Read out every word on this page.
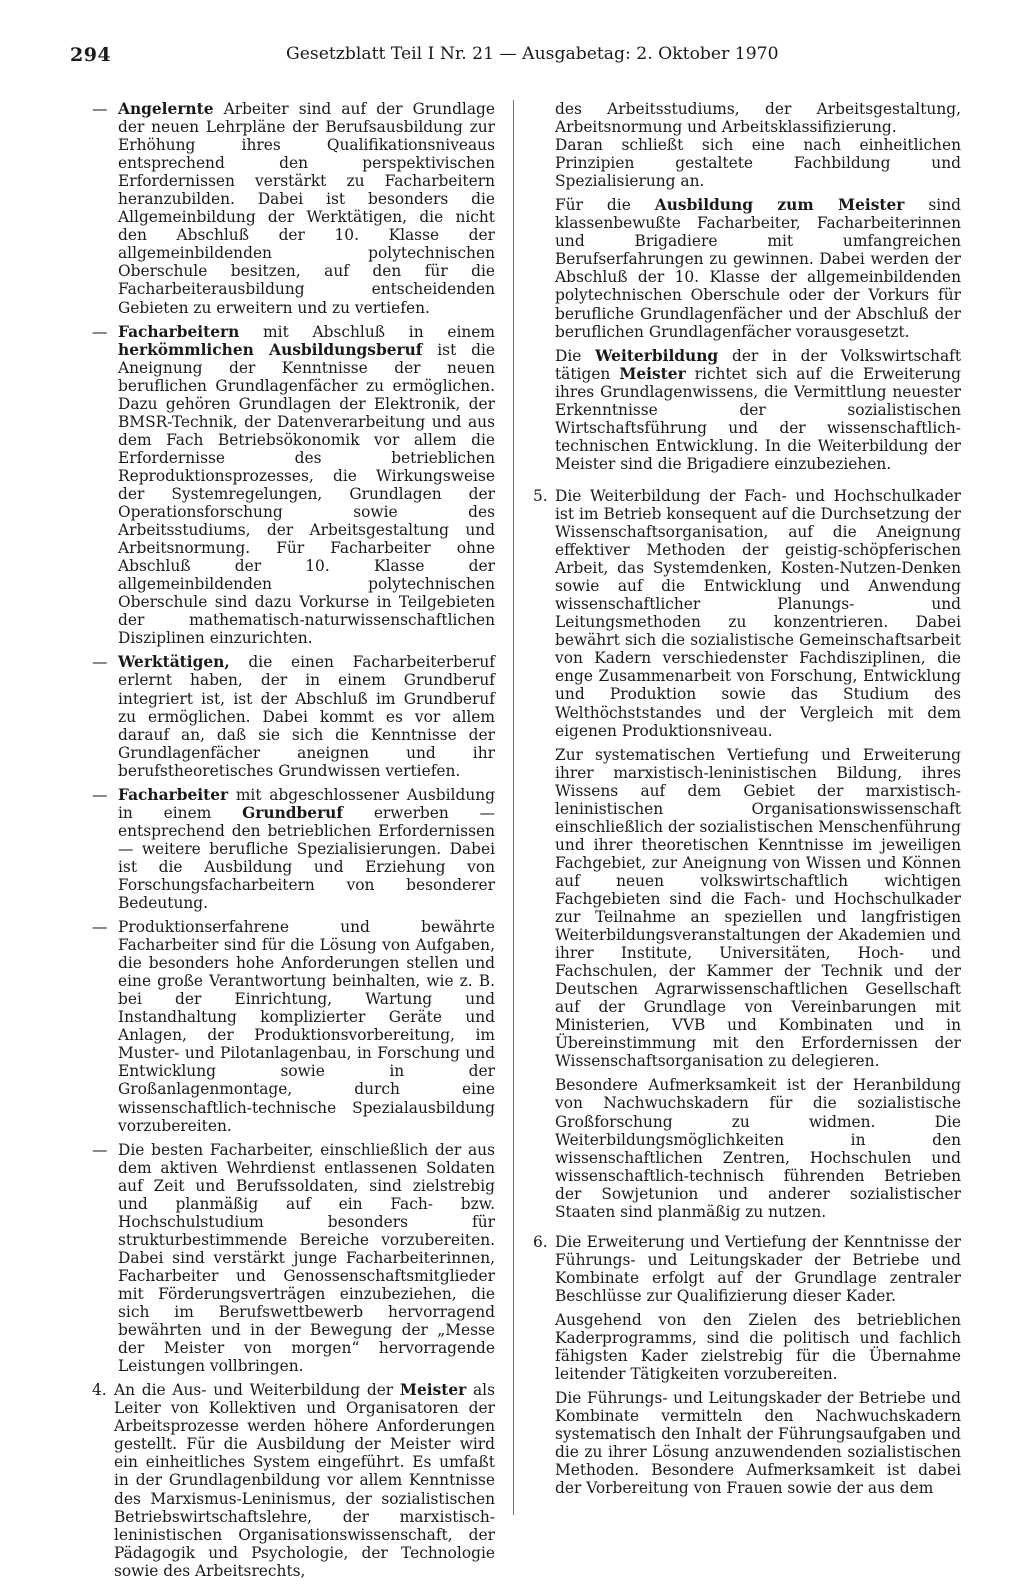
294	Gesetzblatt Teil I Nr. 21 — Ausgabetag: 2. Oktober 1970
— Angelernte Arbeiter sind auf der Grundlage der neuen Lehrpläne der Berufsausbildung zur Erhöhung ihres Qualifikationsniveaus entsprechend den perspektivischen Erfordernissen verstärkt zu Facharbeitern heranzubilden. Dabei ist besonders die Allgemeinbildung der Werktätigen, die nicht den Abschluß der 10. Klasse der allgemeinbildenden polytechnischen Oberschule besitzen, auf den für die Facharbeiterausbildung entscheidenden Gebieten zu erweitern und zu vertiefen.
— Facharbeitern mit Abschluß in einem herkömmlichen Ausbildungsberuf ist die Aneignung der Kenntnisse der neuen beruflichen Grundlagenfächer zu ermöglichen. Dazu gehören Grundlagen der Elektronik, der BMSR-Technik, der Datenverarbeitung und aus dem Fach Betriebsökonomik vor allem die Erfordernisse des betrieblichen Reproduktionsprozesses, die Wirkungsweise der Systemregelungen, Grundlagen der Operationsforschung sowie des Arbeitsstudiums, der Arbeitsgestaltung und Arbeitsnormung. Für Facharbeiter ohne Abschluß der 10. Klasse der allgemeinbildenden polytechnischen Oberschule sind dazu Vorkurse in Teilgebieten der mathematisch-naturwissenschaftlichen Disziplinen einzurichten.
— Werktätigen, die einen Facharbeiterberuf erlernt haben, der in einem Grundberuf integriert ist, ist der Abschluß im Grundberuf zu ermöglichen. Dabei kommt es vor allem darauf an, daß sie sich die Kenntnisse der Grundlagenfächer aneignen und ihr berufstheoretisches Grundwissen vertiefen.
— Facharbeiter mit abgeschlossener Ausbildung in einem Grundberuf erwerben — entsprechend den betrieblichen Erfordernissen — weitere berufliche Spezialisierungen. Dabei ist die Ausbildung und Erziehung von Forschungsfacharbeitern von besonderer Bedeutung.
— Produktionserfahrene und bewährte Facharbeiter sind für die Lösung von Aufgaben, die besonders hohe Anforderungen stellen und eine große Verantwortung beinhalten, wie z. B. bei der Einrichtung, Wartung und Instandhaltung komplizierter Geräte und Anlagen, der Produktionsvorbereitung, im Muster- und Pilotanlagenbau, in Forschung und Entwicklung sowie in der Großanlagenmontage, durch eine wissenschaftlich-technische Spezialausbildung vorzubereiten.
— Die besten Facharbeiter, einschließlich der aus dem aktiven Wehrdienst entlassenen Soldaten auf Zeit und Berufssoldaten, sind zielstrebig und planmäßig auf ein Fach- bzw. Hochschulstudium besonders für strukturbestimmende Bereiche vorzubereiten. Dabei sind verstärkt junge Facharbeiterinnen, Facharbeiter und Genossenschaftsmitglieder mit Förderungsverträgen einzubeziehen, die sich im Berufswettbewerb hervorragend bewährten und in der Bewegung der „Messe der Meister von morgen“ hervorragende Leistungen vollbringen.
4. An die Aus- und Weiterbildung der Meister als Leiter von Kollektiven und Organisatoren der Arbeitsprozesse werden höhere Anforderungen gestellt. Für die Ausbildung der Meister wird ein einheitliches System eingeführt. Es umfaßt in der Grundlagenbildung vor allem Kenntnisse des Marxismus-Leninismus, der sozialistischen Betriebswirtschaftslehre, der marxistisch-leninistischen Organisationswissenschaft, der Pädagogik und Psychologie, der Technologie sowie des Arbeitsrechts,

des Arbeitsstudiums, der Arbeitsgestaltung, Arbeitsnormung und Arbeitsklassifizierung.

Daran schließt sich eine nach einheitlichen Prinzipien gestaltete Fachbildung und Spezialisierung an.

Für die Ausbildung zum Meister sind klassenbewußte Facharbeiter, Facharbeiterinnen und Brigadiere mit umfangreichen Berufserfahrungen zu gewinnen. Dabei werden der Abschluß der 10. Klasse der allgemeinbildenden polytechnischen Oberschule oder der Vorkurs für berufliche Grundlagenfächer und der Abschluß der beruflichen Grundlagenfächer vorausgesetzt.

Die Weiterbildung der in der Volkswirtschaft tätigen Meister richtet sich auf die Erweiterung ihres Grundlagenwissens, die Vermittlung neuester Erkenntnisse der sozialistischen Wirtschaftsführung und der wissenschaftlich-technischen Entwicklung. In die Weiterbildung der Meister sind die Brigadiere einzubeziehen.

5. Die Weiterbildung der Fach- und Hochschulkader ist im Betrieb konsequent auf die Durchsetzung der Wissenschaftsorganisation, auf die Aneignung effektiver Methoden der geistig-schöpferischen Arbeit, das Systemdenken, Kosten-Nutzen-Denken sowie auf die Entwicklung und Anwendung wissenschaftlicher Planungs- und Leitungsmethoden zu konzentrieren. Dabei bewährt sich die sozialistische Gemeinschaftsarbeit von Kadern verschiedenster Fachdisziplinen, die enge Zusammenarbeit von Forschung, Entwicklung und Produktion sowie das Studium des Welthöchststandes und der Vergleich mit dem eigenen Produktionsniveau.

Zur systematischen Vertiefung und Erweiterung ihrer marxistisch-leninistischen Bildung, ihres Wissens auf dem Gebiet der marxistisch-leninistischen Organisationswissenschaft einschließlich der sozialistischen Menschenführung und ihrer theoretischen Kenntnisse im jeweiligen Fachgebiet, zur Aneignung von Wissen und Können auf neuen volkswirtschaftlich wichtigen Fachgebieten sind die Fach- und Hochschulkader zur Teilnahme an speziellen und langfristigen Weiterbildungsveranstaltungen der Akademien und ihrer Institute, Universitäten, Hoch- und Fachschulen, der Kammer der Technik und der Deutschen Agrarwissenschaftlichen Gesellschaft auf der Grundlage von Vereinbarungen mit Ministerien, VVB und Kombinaten und in Übereinstimmung mit den Erfordernissen der Wissenschaftsorganisation zu delegieren.

Besondere Aufmerksamkeit ist der Heranbildung von Nachwuchskadern für die sozialistische Großforschung zu widmen. Die Weiterbildungsmöglichkeiten in den wissenschaftlichen Zentren, Hochschulen und wissenschaftlich-technisch führenden Betrieben der Sowjetunion und anderer sozialistischer Staaten sind planmäßig zu nutzen.

6. Die Erweiterung und Vertiefung der Kenntnisse der Führungs- und Leitungskader der Betriebe und Kombinate erfolgt auf der Grundlage zentraler Beschlüsse zur Qualifizierung dieser Kader.

Ausgehend von den Zielen des betrieblichen Kaderprogramms, sind die politisch und fachlich fähigsten Kader zielstrebig für die Übernahme leitender Tätigkeiten vorzubereiten.

Die Führungs- und Leitungskader der Betriebe und Kombinate vermitteln den Nachwuchskadern systematisch den Inhalt der Führungsaufgaben und die zu ihrer Lösung anzuwendenden sozialistischen Methoden. Besondere Aufmerksamkeit ist dabei der Vorbereitung von Frauen sowie der aus dem
